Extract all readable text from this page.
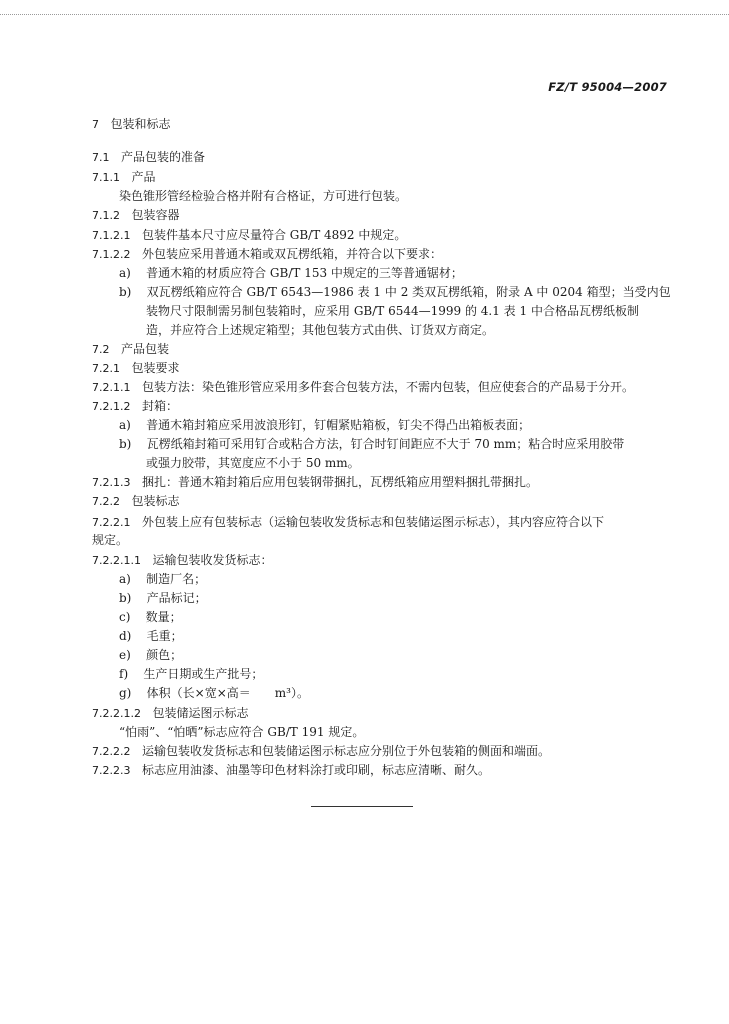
FZ/T 95004—2007
7 包装和标志
7.1 产品包装的准备
7.1.1 产品
染色锥形管经检验合格并附有合格证，方可进行包装。
7.1.2 包装容器
7.1.2.1 包装件基本尺寸应尽量符合 GB/T 4892 中规定。
7.1.2.2 外包装应采用普通木箱或双瓦楞纸箱，并符合以下要求：
a) 普通木箱的材质应符合 GB/T 153 中规定的三等普通锯材；
b) 双瓦楞纸箱应符合 GB/T 6543—1986 表 1 中 2 类双瓦楞纸箱，附录 A 中 0204 箱型；当受内包
装物尺寸限制需另制包装箱时，应采用 GB/T 6544—1999 的 4.1 表 1 中合格品瓦楞纸板制
造，并应符合上述规定箱型；其他包装方式由供、订货双方商定。
7.2 产品包装
7.2.1 包装要求
7.2.1.1 包装方法：染色锥形管应采用多件套合包装方法，不需内包装，但应使套合的产品易于分开。
7.2.1.2 封箱：
a) 普通木箱封箱应采用波浪形钉，钉帽紧贴箱板，钉尖不得凸出箱板表面；
b) 瓦楞纸箱封箱可采用钉合或粘合方法，钉合时钉间距应不大于 70 mm；粘合时应采用胶带
或强力胶带，其宽度应不小于 50 mm。
7.2.1.3 捆扎：普通木箱封箱后应用包装钢带捆扎，瓦楞纸箱应用塑料捆扎带捆扎。
7.2.2 包装标志
7.2.2.1 外包装上应有包装标志（运输包装收发货标志和包装储运图示标志），其内容应符合以下
规定。
7.2.2.1.1 运输包装收发货标志：
a) 制造厂名；
b) 产品标记；
c) 数量；
d) 毛重；
e) 颜色；
f) 生产日期或生产批号；
g) 体积（长×宽×高＝　　m³）。
7.2.2.1.2 包装储运图示标志
“怕雨”、“怕晒”标志应符合 GB/T 191 规定。
7.2.2.2 运输包装收发货标志和包装储运图示标志应分别位于外包装箱的侧面和端面。
7.2.2.3 标志应用油漆、油墨等印色材料涂打或印刷，标志应清晰、耐久。
